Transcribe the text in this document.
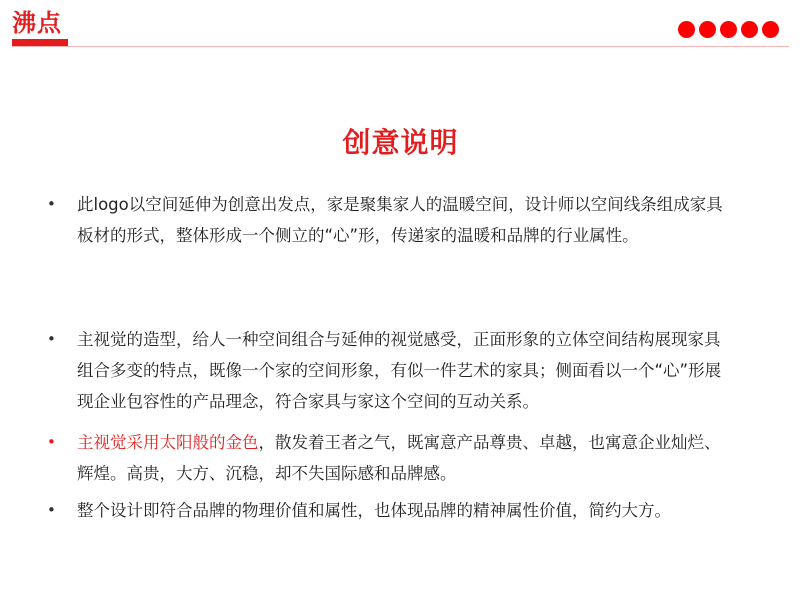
沸点
创意说明
• 此logo以空间延伸为创意出发点，家是聚集家人的温暖空间，设计师以空间线条组成家具板材的形式，整体形成一个侧立的“心”形，传递家的温暖和品牌的行业属性。
• 主视觉的造型，给人一种空间组合与延伸的视觉感受，正面形象的立体空间结构展现家具组合多变的特点，既像一个家的空间形象，有似一件艺术的家具；侧面看以一个“心”形展现企业包容性的产品理念，符合家具与家这个空间的互动关系。
• 主视觉采用太阳般的金色，散发着王者之气，既寓意产品尊贵、卓越，也寓意企业灿烂、辉煌。高贵，大方、沉稳，却不失国际感和品牌感。
• 整个设计即符合品牌的物理价值和属性，也体现品牌的精神属性价值，简约大方。
